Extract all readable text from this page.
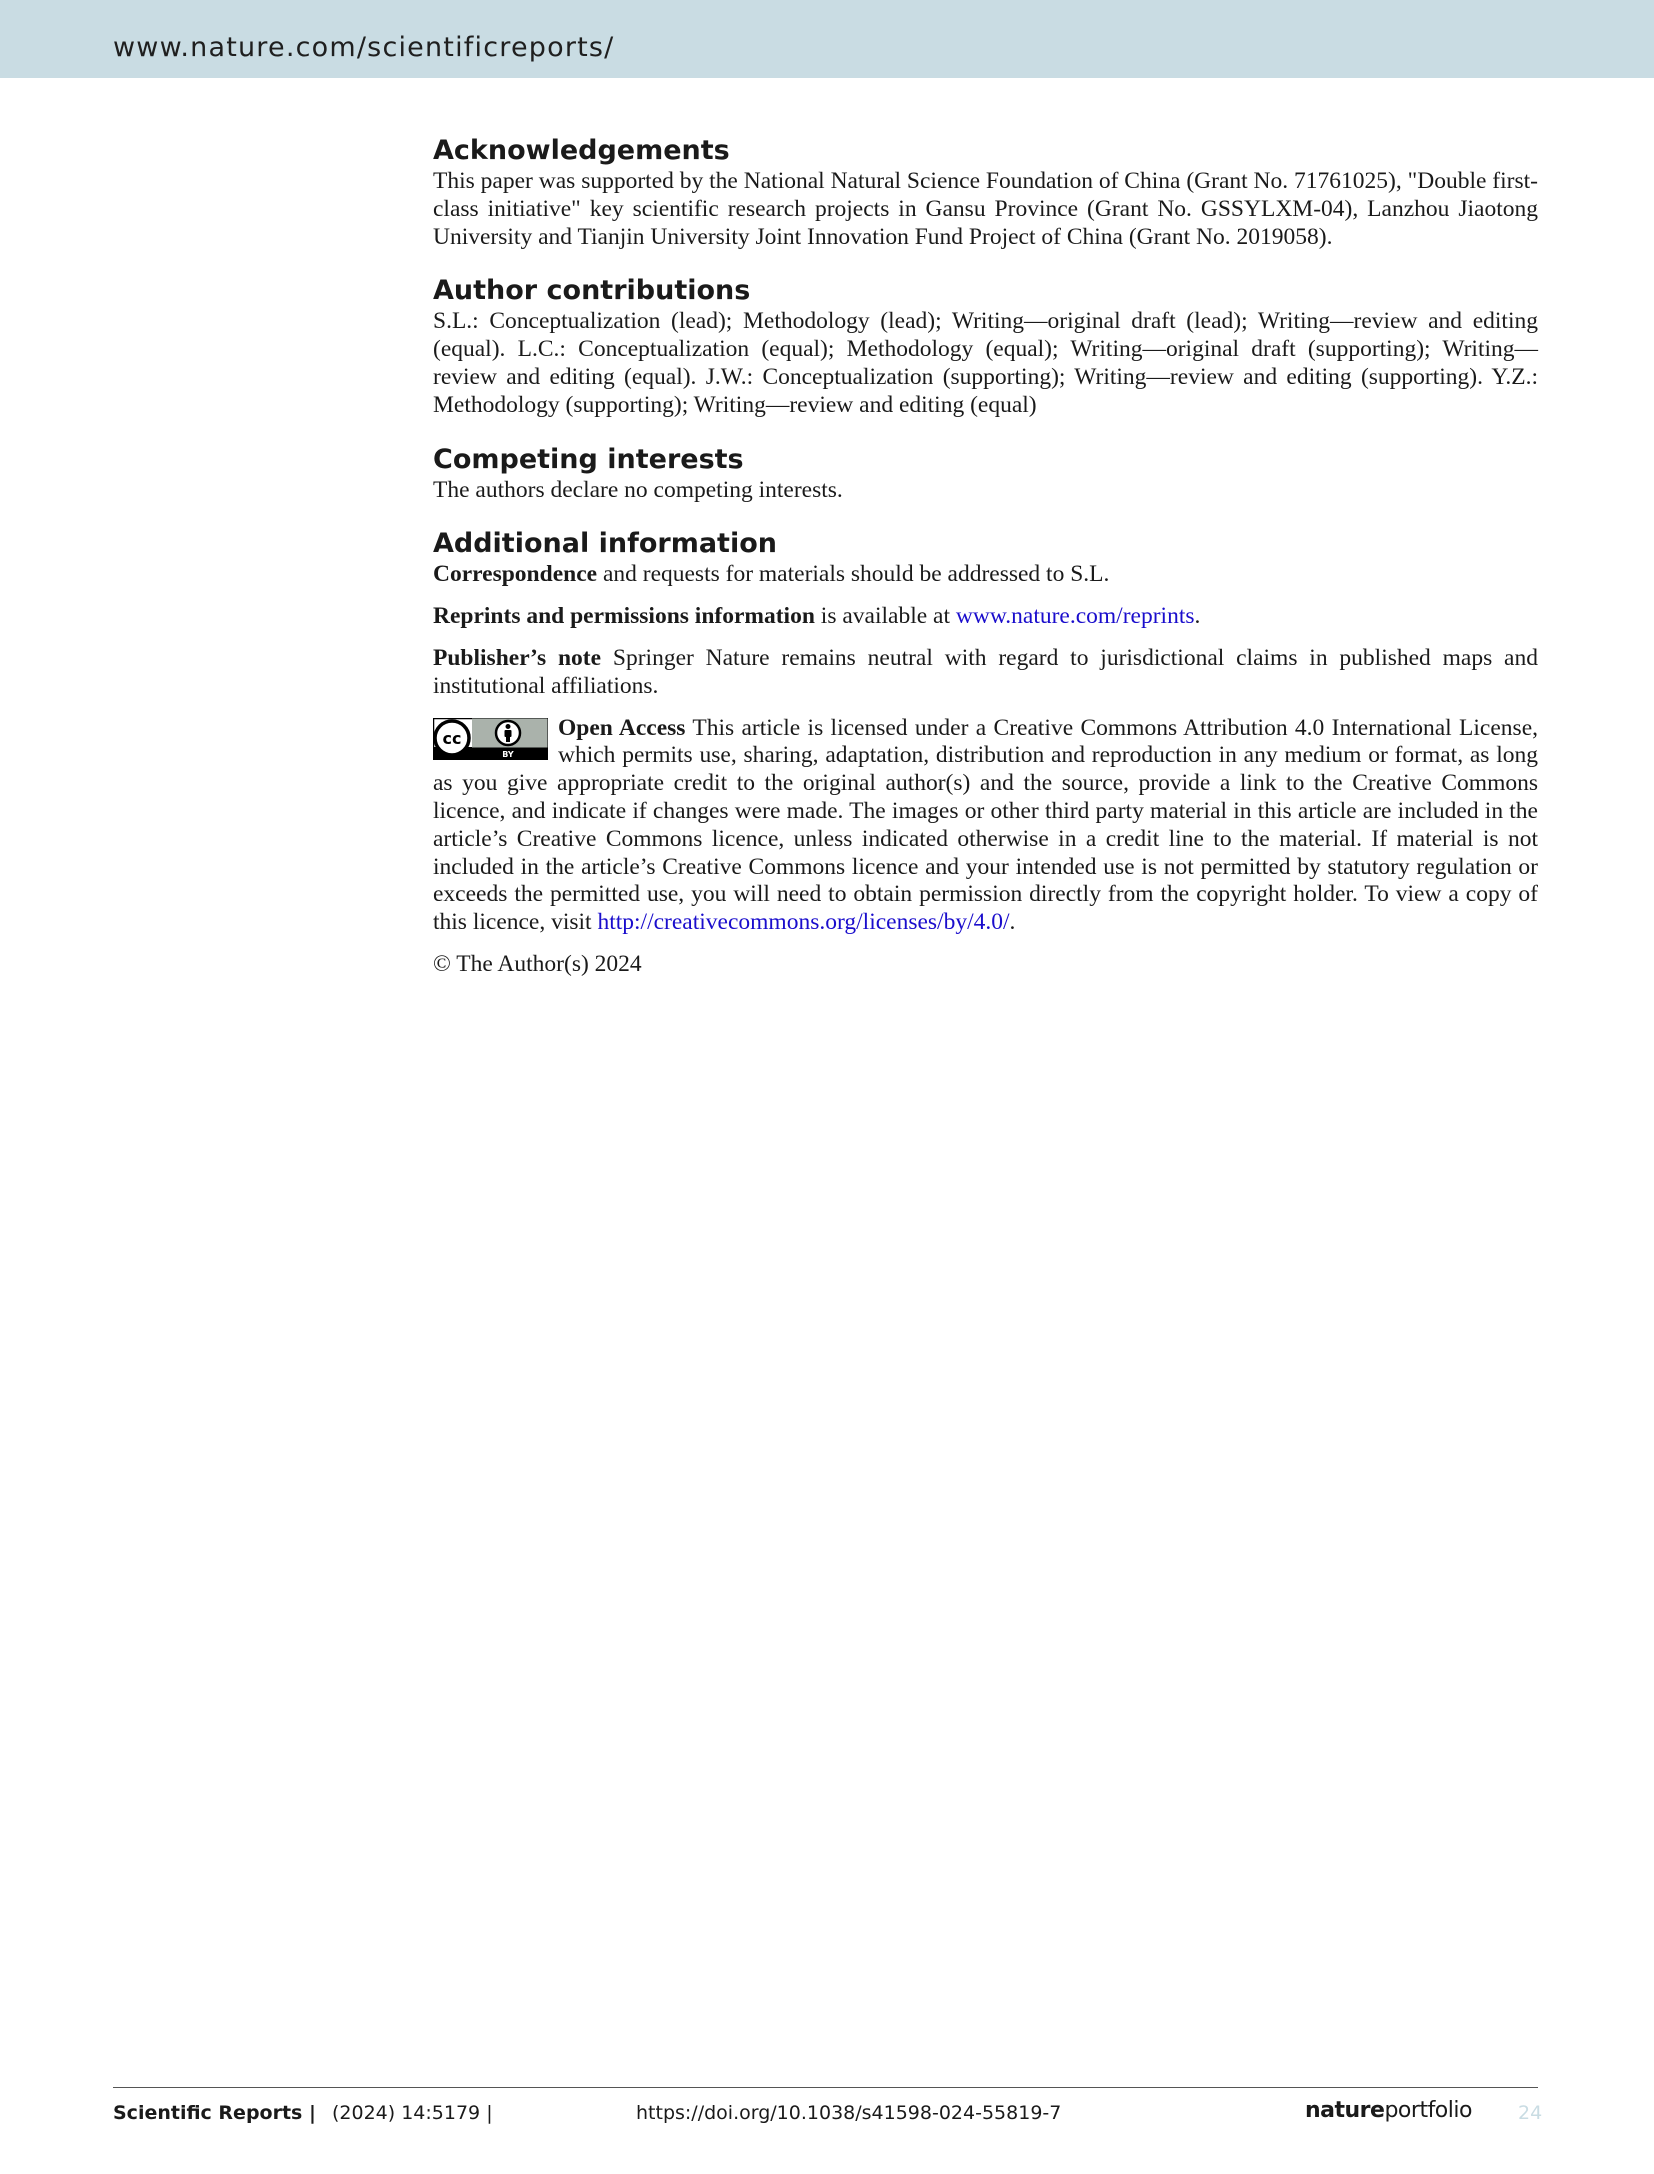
www.nature.com/scientificreports/
Acknowledgements

This paper was supported by the National Natural Science Foundation of China (Grant No. 71761025), "Double first-class initiative" key scientific research projects in Gansu Province (Grant No. GSSYLXM-04), Lanzhou Jiaotong University and Tianjin University Joint Innovation Fund Project of China (Grant No. 2019058).

Author contributions

S.L.: Conceptualization (lead); Methodology (lead); Writing—original draft (lead); Writing—review and editing (equal). L.C.: Conceptualization (equal); Methodology (equal); Writing—original draft (supporting); Writing—review and editing (equal). J.W.: Conceptualization (supporting); Writing—review and editing (supporting). Y.Z.: Methodology (supporting); Writing—review and editing (equal)

Competing interests

The authors declare no competing interests.

Additional information

Correspondence and requests for materials should be addressed to S.L.

Reprints and permissions information is available at www.nature.com/reprints.

Publisher’s note Springer Nature remains neutral with regard to jurisdictional claims in published maps and institutional affiliations.

cc
BY
Open Access This article is licensed under a Creative Commons Attribution 4.0 International License, which permits use, sharing, adaptation, distribution and reproduction in any medium or format, as long as you give appropriate credit to the original author(s) and the source, provide a link to the Creative Commons licence, and indicate if changes were made. The images or other third party material in this article are included in the article’s Creative Commons licence, unless indicated otherwise in a credit line to the material. If material is not included in the article’s Creative Commons licence and your intended use is not permitted by statutory regulation or exceeds the permitted use, you will need to obtain permission directly from the copyright holder. To view a copy of this licence, visit http://creativecommons.org/licenses/by/4.0/.

© The Author(s) 2024

Scientific Reports | (2024) 14:5179 |	https://doi.org/10.1038/s41598-024-55819-7	natureportfolio 24
